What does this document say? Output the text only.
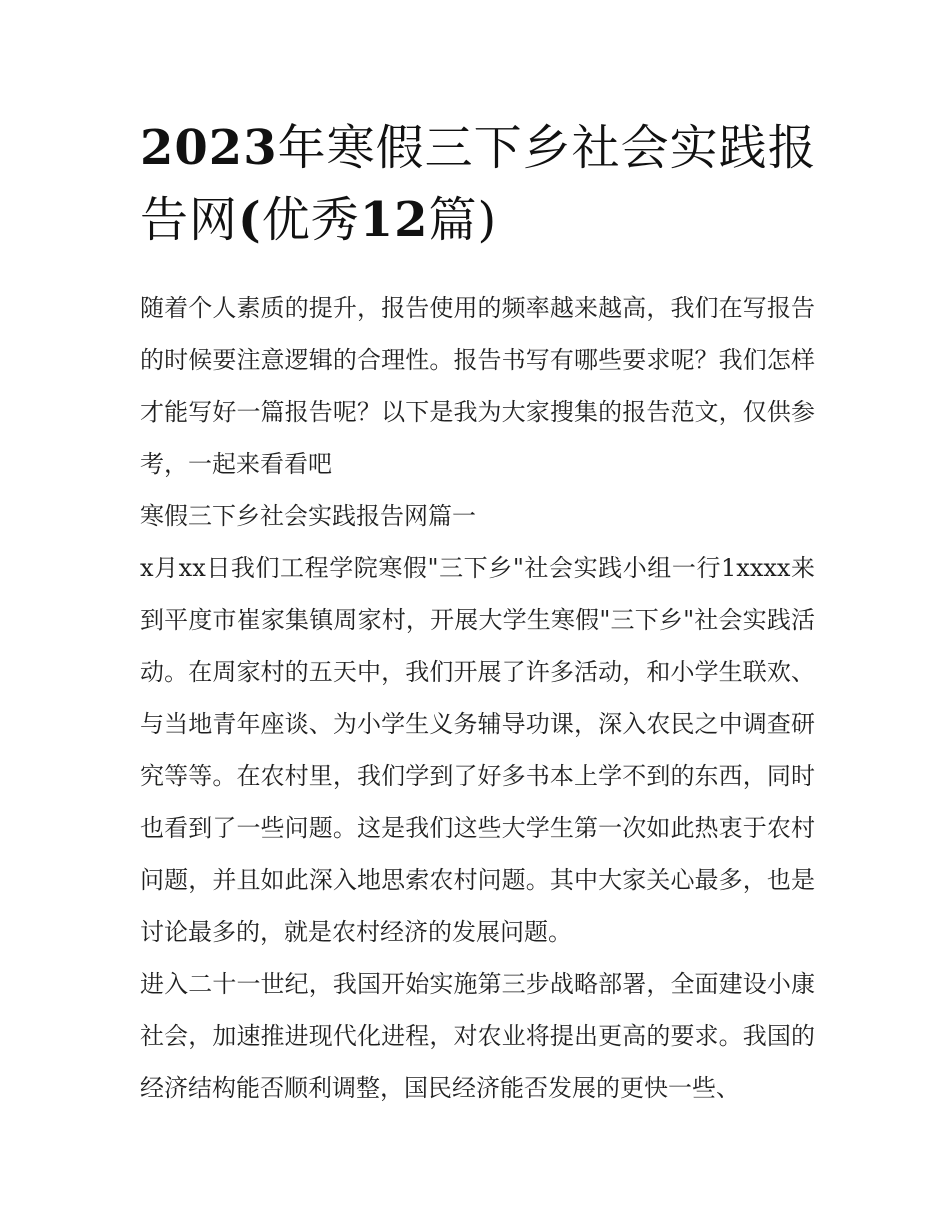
2023年寒假三下乡社会实践报告网(优秀12篇)

随着个人素质的提升，报告使用的频率越来越高，我们在写报告的时候要注意逻辑的合理性。报告书写有哪些要求呢？我们怎样才能写好一篇报告呢？以下是我为大家搜集的报告范文，仅供参考，一起来看看吧

寒假三下乡社会实践报告网篇一

x月xx日我们工程学院寒假"三下乡"社会实践小组一行1xxxx来到平度市崔家集镇周家村，开展大学生寒假"三下乡"社会实践活动。在周家村的五天中，我们开展了许多活动，和小学生联欢、与当地青年座谈、为小学生义务辅导功课，深入农民之中调查研究等等。在农村里，我们学到了好多书本上学不到的东西，同时也看到了一些问题。这是我们这些大学生第一次如此热衷于农村问题，并且如此深入地思索农村问题。其中大家关心最多，也是讨论最多的，就是农村经济的发展问题。

进入二十一世纪，我国开始实施第三步战略部署，全面建设小康社会，加速推进现代化进程，对农业将提出更高的要求。我国的经济结构能否顺利调整，国民经济能否发展的更快一些、
